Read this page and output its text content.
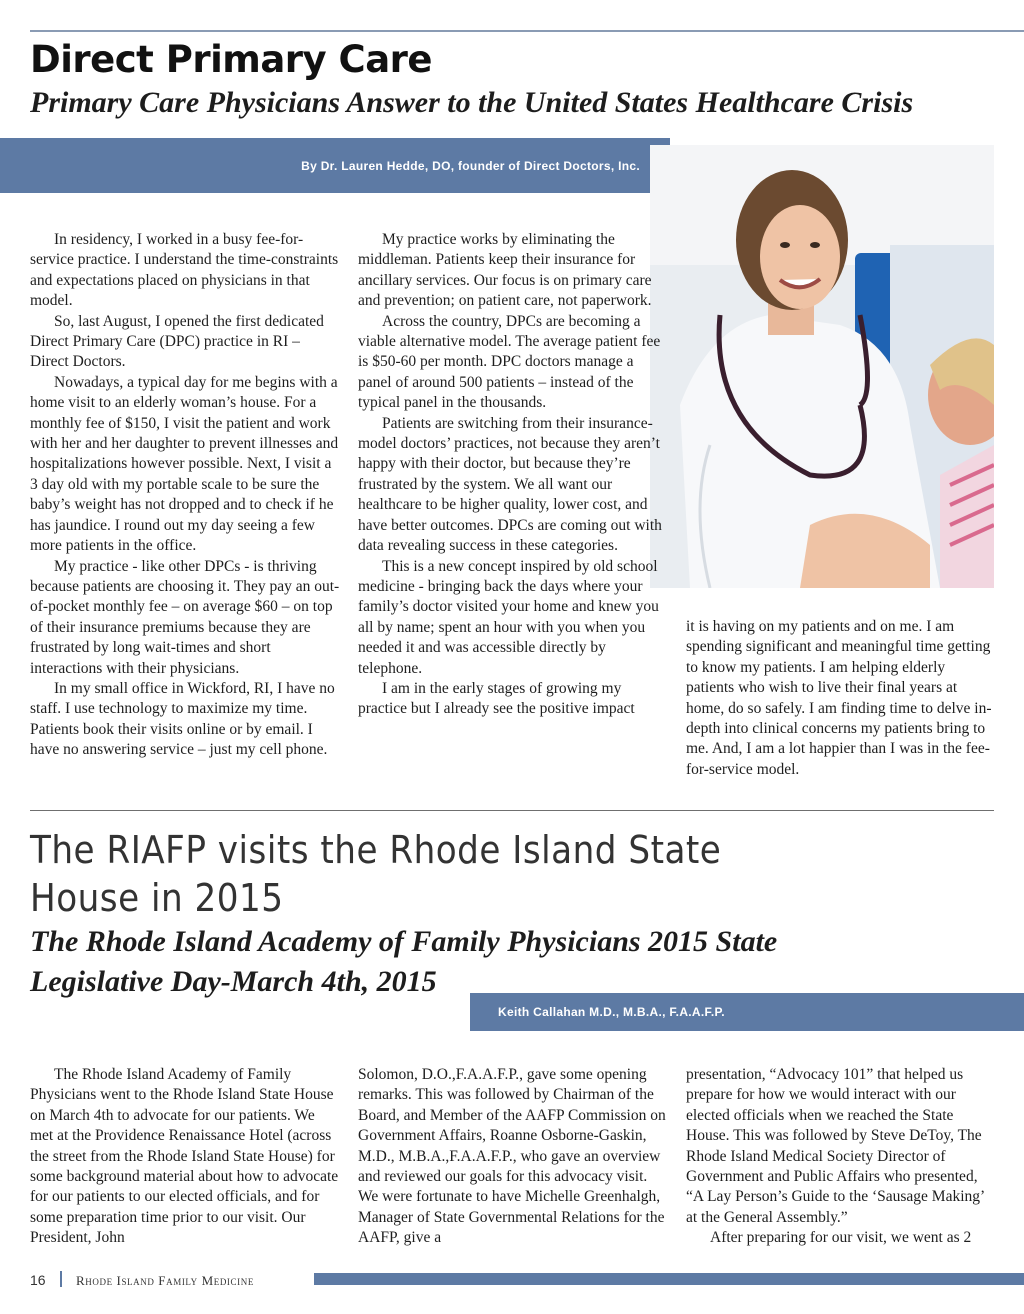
Direct Primary Care
Primary Care Physicians Answer to the United States Healthcare Crisis
By Dr. Lauren Hedde, DO, founder of Direct Doctors, Inc.

In residency, I worked in a busy fee-for-service practice. I understand the time-constraints and expectations placed on physicians in that model.

So, last August, I opened the first dedicated Direct Primary Care (DPC) practice in RI – Direct Doctors.

Nowadays, a typical day for me begins with a home visit to an elderly woman’s house. For a monthly fee of $150, I visit the patient and work with her and her daughter to prevent illnesses and hospitalizations however possible. Next, I visit a 3 day old with my portable scale to be sure the baby’s weight has not dropped and to check if he has jaundice. I round out my day seeing a few more patients in the office.

My practice - like other DPCs - is thriving because patients are choosing it. They pay an out-of-pocket monthly fee – on average $60 – on top of their insurance premiums because they are frustrated by long wait-times and short interactions with their physicians.

In my small office in Wickford, RI, I have no staff. I use technology to maximize my time. Patients book their visits online or by email. I have no answering service – just my cell phone.

My practice works by eliminating the middleman. Patients keep their insurance for ancillary services. Our focus is on primary care and prevention; on patient care, not paperwork.

Across the country, DPCs are becoming a viable alternative model. The average patient fee is $50-60 per month. DPC doctors manage a panel of around 500 patients – instead of the typical panel in the thousands.

Patients are switching from their insurance-model doctors’ practices, not because they aren’t happy with their doctor, but because they’re frustrated by the system. We all want our healthcare to be higher quality, lower cost, and have better outcomes. DPCs are coming out with data revealing success in these categories.

This is a new concept inspired by old school medicine - bringing back the days where your family’s doctor visited your home and knew you all by name; spent an hour with you when you needed it and was accessible directly by telephone.

I am in the early stages of growing my practice but I already see the positive impact

it is having on my patients and on me. I am spending significant and meaningful time getting to know my patients. I am helping elderly patients who wish to live their final years at home, do so safely. I am finding time to delve in-depth into clinical concerns my patients bring to me. And, I am a lot happier than I was in the fee-for-service model.

The RIAFP visits the Rhode Island State House in 2015
The Rhode Island Academy of Family Physicians 2015 State Legislative Day-March 4th, 2015
Keith Callahan M.D., M.B.A., F.A.A.F.P.

The Rhode Island Academy of Family Physicians went to the Rhode Island State House on March 4th to advocate for our patients. We met at the Providence Renaissance Hotel (across the street from the Rhode Island State House) for some background material about how to advocate for our patients to our elected officials, and for some preparation time prior to our visit. Our President, John

Solomon, D.O.,F.A.A.F.P., gave some opening remarks. This was followed by Chairman of the Board, and Member of the AAFP Commission on Government Affairs, Roanne Osborne-Gaskin, M.D., M.B.A.,F.A.A.F.P., who gave an overview and reviewed our goals for this advocacy visit. We were fortunate to have Michelle Greenhalgh, Manager of State Governmental Relations for the AAFP, give a

presentation, “Advocacy 101” that helped us prepare for how we would interact with our elected officials when we reached the State House. This was followed by Steve DeToy, The Rhode Island Medical Society Director of Government and Public Affairs who presented, “A Lay Person’s Guide to the ‘Sausage Making’ at the General Assembly.”

After preparing for our visit, we went as 2

16 Rhode Island Family Medicine
